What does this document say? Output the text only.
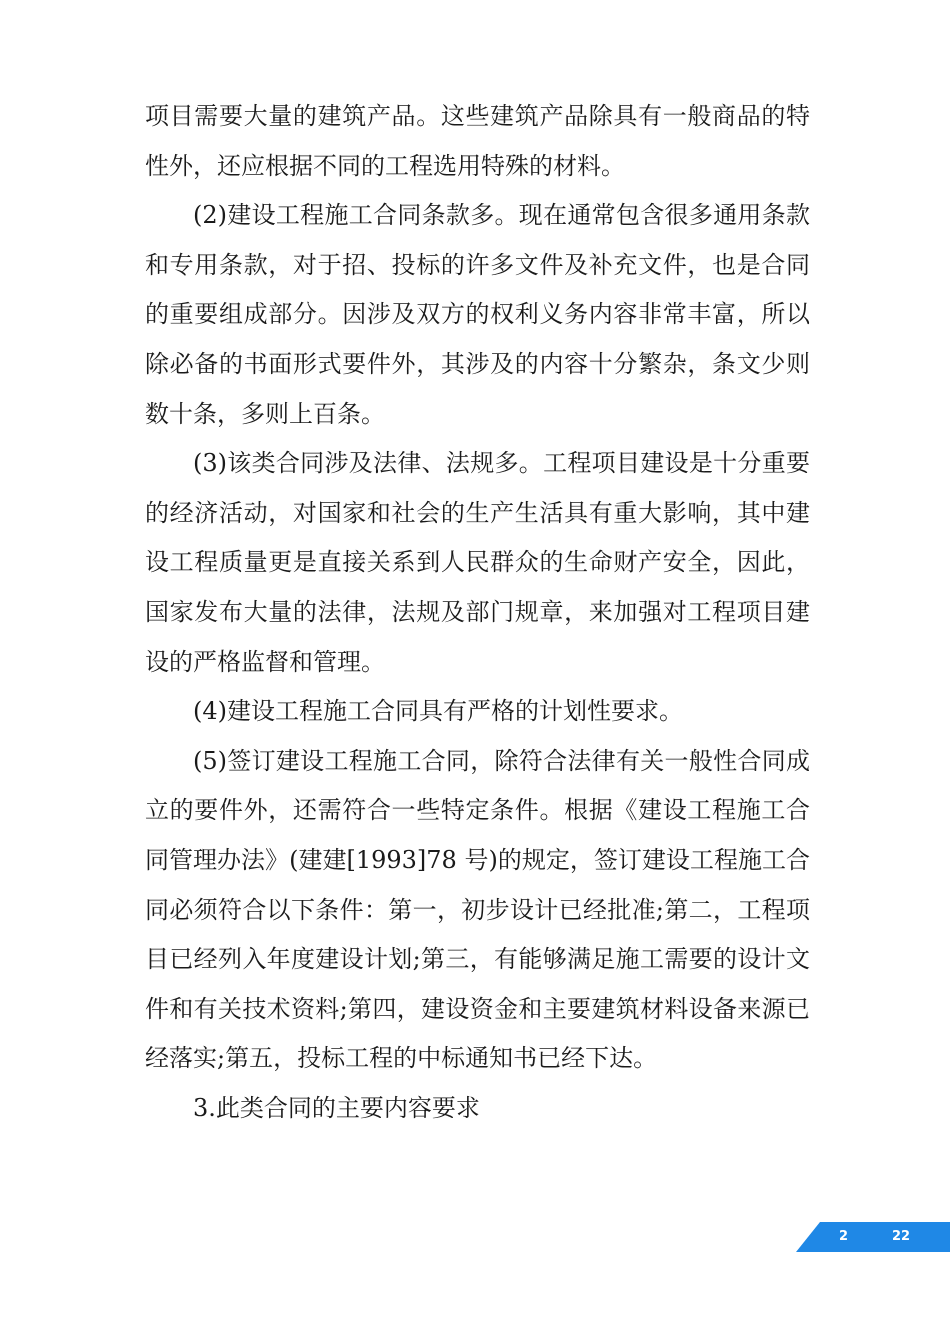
项目需要大量的建筑产品。这些建筑产品除具有一般商品的特性外，还应根据不同的工程选用特殊的材料。

(2)建设工程施工合同条款多。现在通常包含很多通用条款和专用条款，对于招、投标的许多文件及补充文件，也是合同的重要组成部分。因涉及双方的权利义务内容非常丰富，所以除必备的书面形式要件外，其涉及的内容十分繁杂，条文少则数十条，多则上百条。

(3)该类合同涉及法律、法规多。工程项目建设是十分重要的经济活动，对国家和社会的生产生活具有重大影响，其中建设工程质量更是直接关系到人民群众的生命财产安全，因此，国家发布大量的法律，法规及部门规章，来加强对工程项目建设的严格监督和管理。

(4)建设工程施工合同具有严格的计划性要求。

(5)签订建设工程施工合同，除符合法律有关一般性合同成立的要件外，还需符合一些特定条件。根据《建设工程施工合同管理办法》(建建[1993]78 号)的规定，签订建设工程施工合同必须符合以下条件：第一，初步设计已经批准;第二，工程项目已经列入年度建设计划;第三，有能够满足施工需要的设计文件和有关技术资料;第四，建设资金和主要建筑材料设备来源已经落实;第五，投标工程的中标通知书已经下达。

3.此类合同的主要内容要求

2	22
